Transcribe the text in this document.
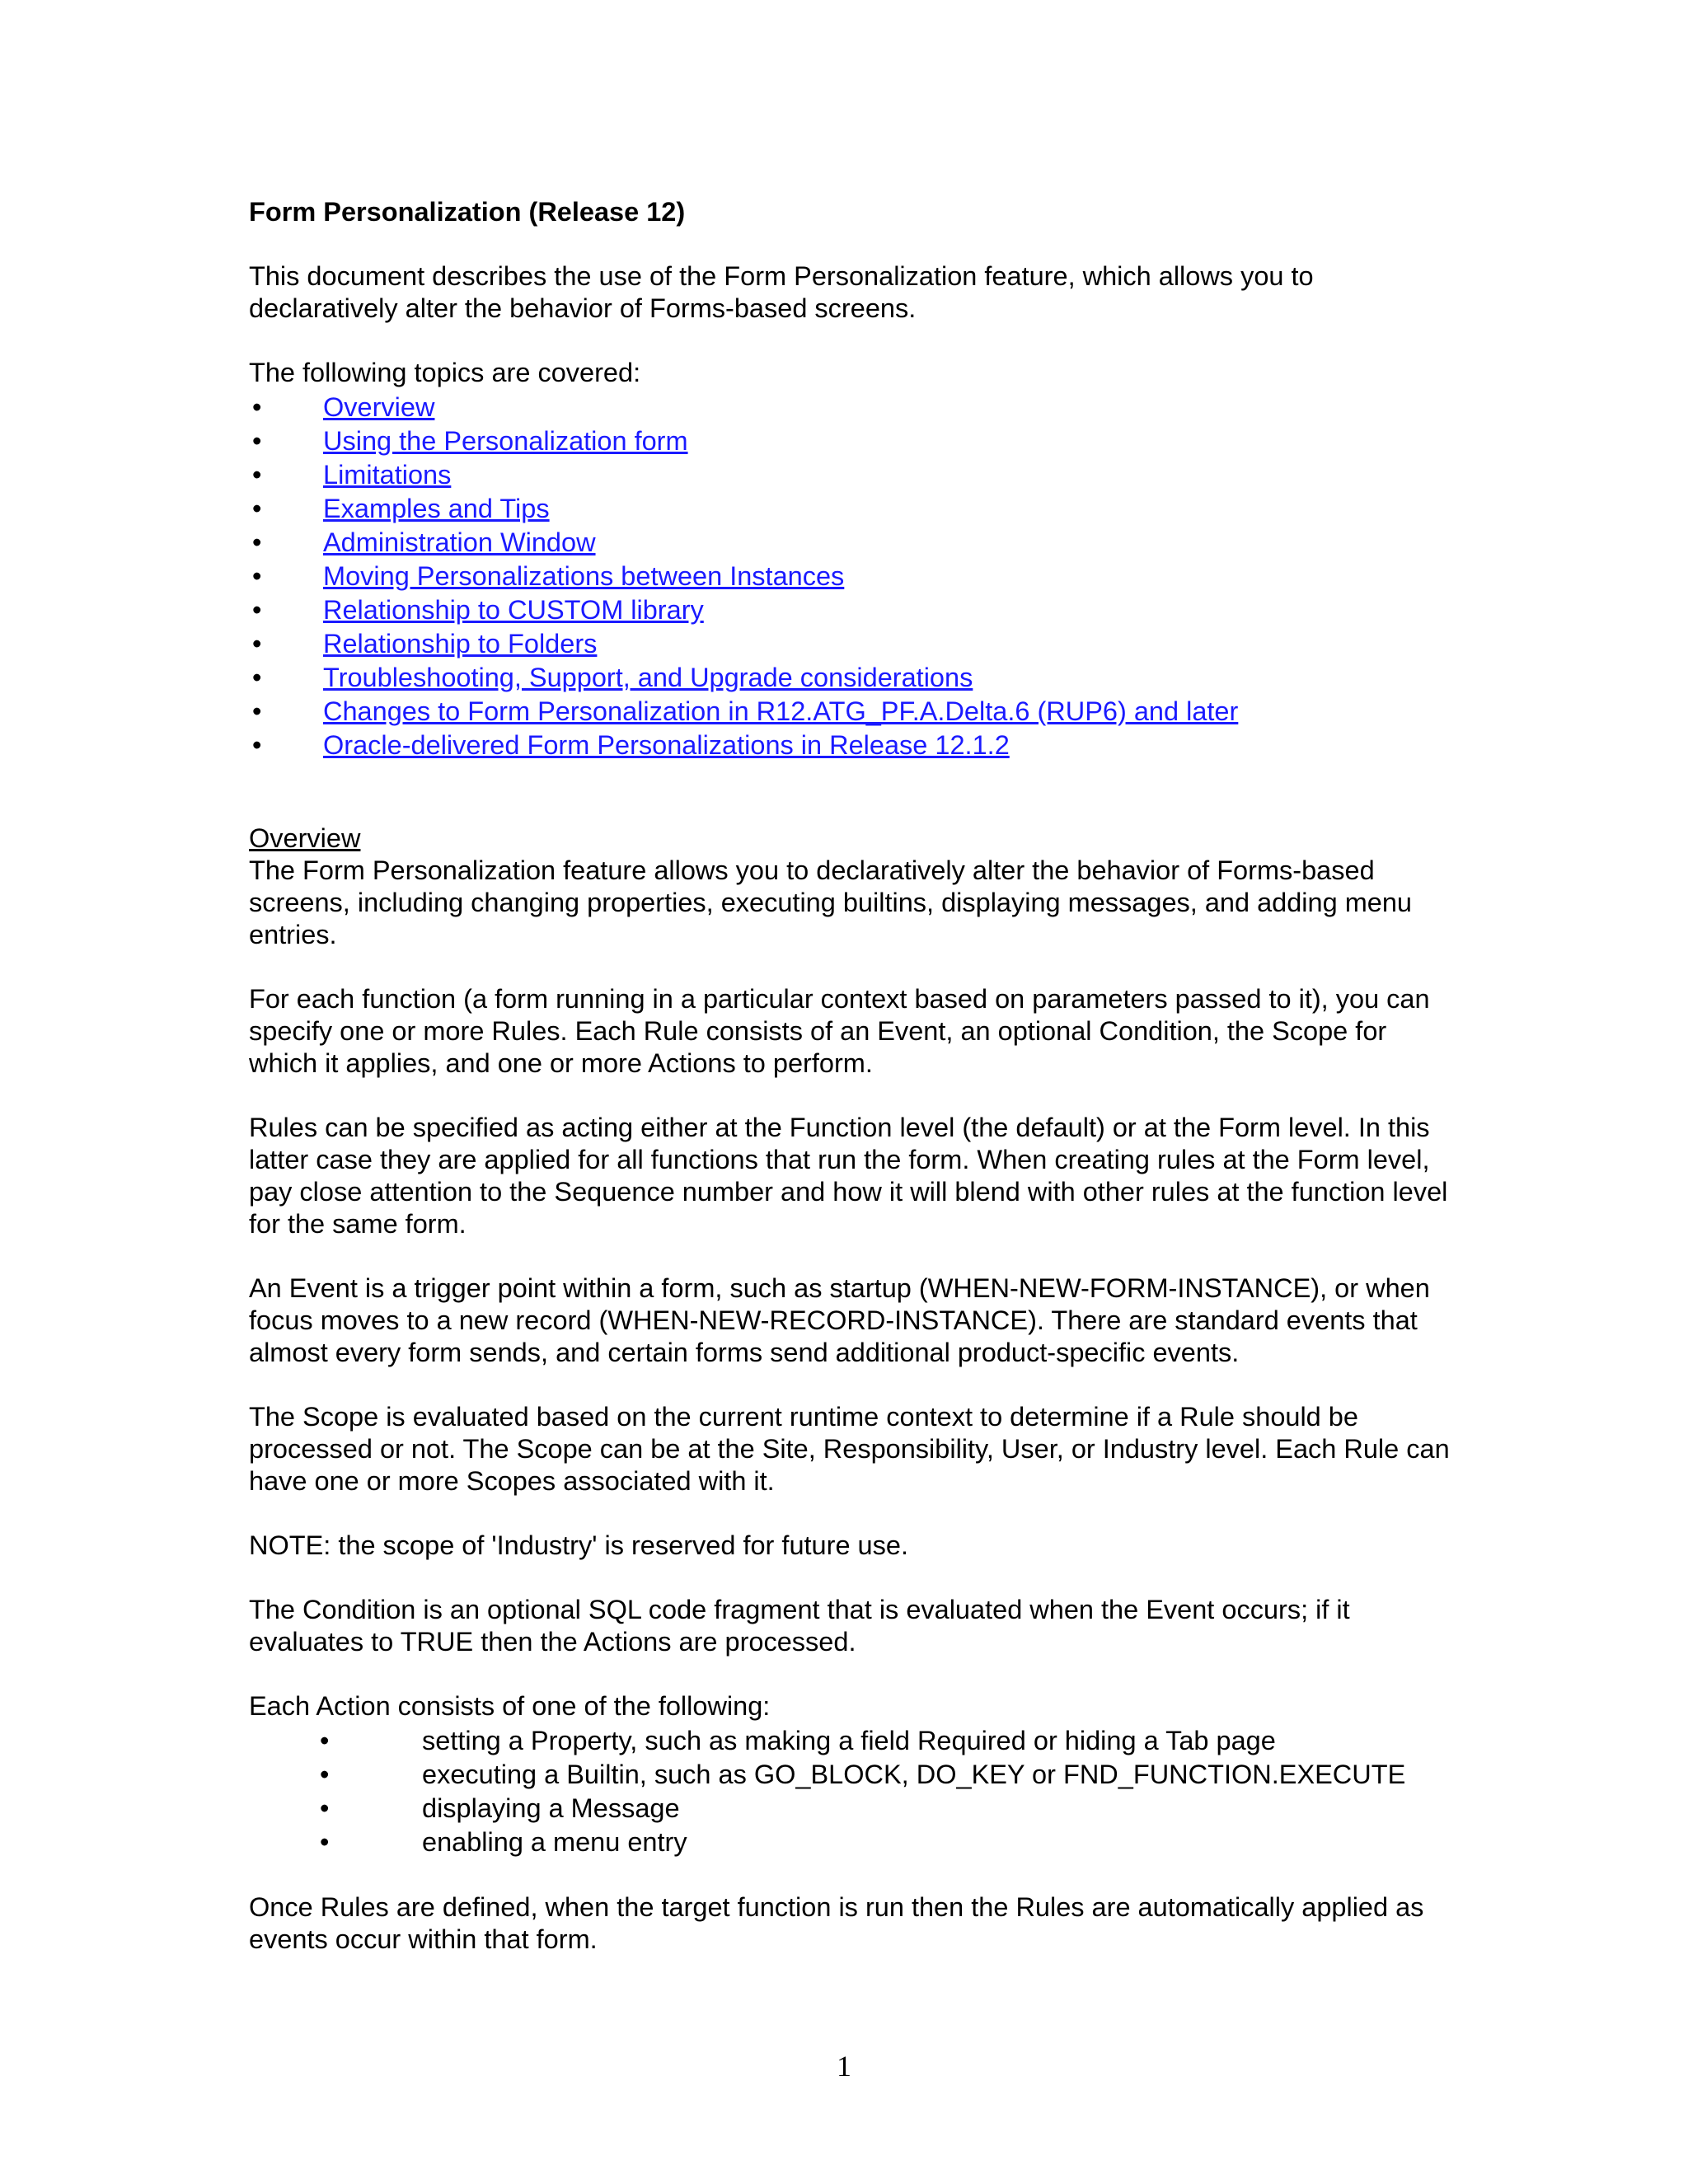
Form Personalization (Release 12)

This document describes the use of the Form Personalization feature, which allows you to declaratively alter the behavior of Forms-based screens.

The following topics are covered:

• Overview
• Using the Personalization form
• Limitations
• Examples and Tips
• Administration Window
• Moving Personalizations between Instances
• Relationship to CUSTOM library
• Relationship to Folders
• Troubleshooting, Support, and Upgrade considerations
• Changes to Form Personalization in R12.ATG_PF.A.Delta.6 (RUP6) and later
• Oracle-delivered Form Personalizations in Release 12.1.2
Overview

The Form Personalization feature allows you to declaratively alter the behavior of Forms-based screens, including changing properties, executing builtins, displaying messages, and adding menu entries.

For each function (a form running in a particular context based on parameters passed to it), you can specify one or more Rules. Each Rule consists of an Event, an optional Condition, the Scope for which it applies, and one or more Actions to perform.

Rules can be specified as acting either at the Function level (the default) or at the Form level. In this latter case they are applied for all functions that run the form. When creating rules at the Form level, pay close attention to the Sequence number and how it will blend with other rules at the function level for the same form.

An Event is a trigger point within a form, such as startup (WHEN-NEW-FORM-INSTANCE), or when focus moves to a new record (WHEN-NEW-RECORD-INSTANCE). There are standard events that almost every form sends, and certain forms send additional product-specific events.

The Scope is evaluated based on the current runtime context to determine if a Rule should be processed or not. The Scope can be at the Site, Responsibility, User, or Industry level. Each Rule can have one or more Scopes associated with it.

NOTE: the scope of 'Industry' is reserved for future use.

The Condition is an optional SQL code fragment that is evaluated when the Event occurs; if it evaluates to TRUE then the Actions are processed.

Each Action consists of one of the following:

•	setting a Property, such as making a field Required or hiding a Tab page
•	executing a Builtin, such as GO_BLOCK, DO_KEY or FND_FUNCTION.EXECUTE
•	displaying a Message
•	enabling a menu entry

Once Rules are defined, when the target function is run then the Rules are automatically applied as events occur within that form.

1
